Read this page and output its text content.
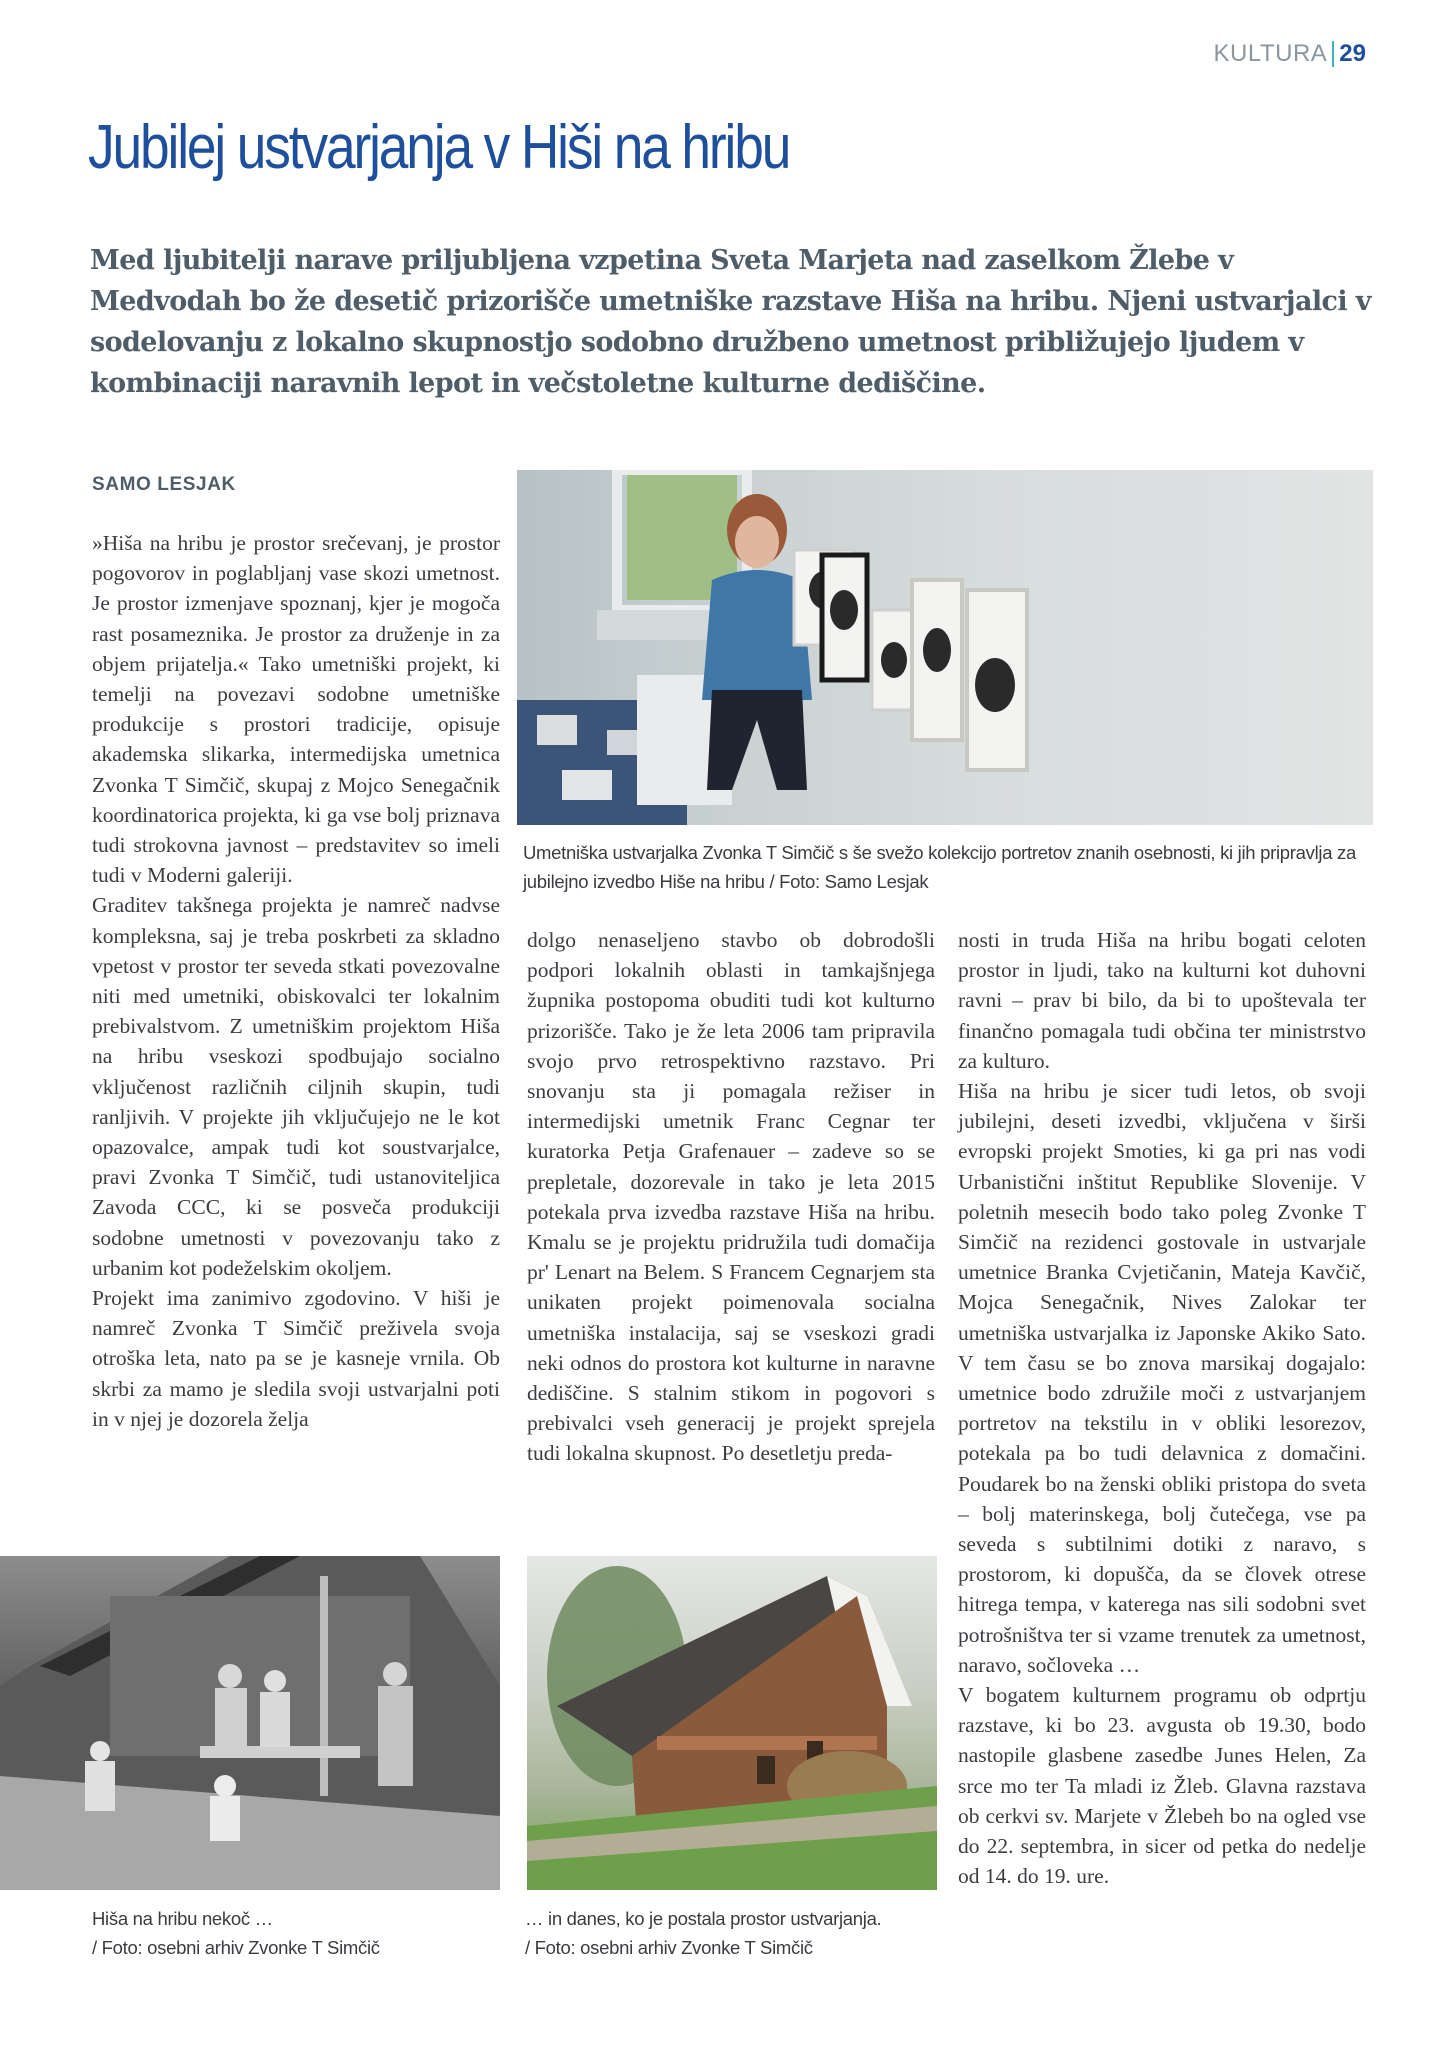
KULTURA 29
Jubilej ustvarjanja v Hiši na hribu

Med ljubitelji narave priljubljena vzpetina Sveta Marjeta nad zaselkom Žlebe v Medvodah bo že desetič prizorišče umetniške razstave Hiša na hribu. Njeni ustvarjalci v sodelovanju z lokalno skupnostjo sodobno družbeno umetnost približujejo ljudem v kombinaciji naravnih lepot in večstoletne kulturne dediščine.

SAMO LESJAK

»Hiša na hribu je prostor srečevanj, je prostor pogovorov in poglabljanj vase skozi umetnost. Je prostor izmenjave spoznanj, kjer je mogoča rast posameznika. Je prostor za druženje in za objem prijatelja.« Tako umetniški projekt, ki temelji na povezavi sodobne umetniške produkcije s prostori tradicije, opisuje akademska slikarka, intermedijska umetnica Zvonka T Simčič, skupaj z Mojco Senegačnik koordinatorica projekta, ki ga vse bolj priznava tudi strokovna javnost – predstavitev so imeli tudi v Moderni galeriji.

Graditev takšnega projekta je namreč nadvse kompleksna, saj je treba poskrbeti za skladno vpetost v prostor ter seveda stkati povezovalne niti med umetniki, obiskovalci ter lokalnim prebivalstvom. Z umetniškim projektom Hiša na hribu vseskozi spodbujajo socialno vključenost različnih ciljnih skupin, tudi ranljivih. V projekte jih vključujejo ne le kot opazovalce, ampak tudi kot soustvarjalce, pravi Zvonka T Simčič, tudi ustanoviteljica Zavoda CCC, ki se posveča produkciji sodobne umetnosti v povezovanju tako z urbanim kot podeželskim okoljem.

Projekt ima zanimivo zgodovino. V hiši je namreč Zvonka T Simčič preživela svoja otroška leta, nato pa se je kasneje vrnila. Ob skrbi za mamo je sledila svoji ustvarjalni poti in v njej je dozorela želja

Umetniška ustvarjalka Zvonka T Simčič s še svežo kolekcijo portretov znanih osebnosti, ki jih pripravlja za jubilejno izvedbo Hiše na hribu / Foto: Samo Lesjak

dolgo nenaseljeno stavbo ob dobrodošli podpori lokalnih oblasti in tamkajšnjega župnika postopoma obuditi tudi kot kulturno prizorišče. Tako je že leta 2006 tam pripravila svojo prvo retrospektivno razstavo. Pri snovanju sta ji pomagala režiser in intermedijski umetnik Franc Cegnar ter kuratorka Petja Grafenauer – zadeve so se prepletale, dozorevale in tako je leta 2015 potekala prva izvedba razstave Hiša na hribu. Kmalu se je projektu pridružila tudi domačija pr' Lenart na Belem. S Francem Cegnarjem sta unikaten projekt poimenovala socialna umetniška instalacija, saj se vseskozi gradi neki odnos do prostora kot kulturne in naravne dediščine. S stalnim stikom in pogovori s prebivalci vseh generacij je projekt sprejela tudi lokalna skupnost. Po desetletju preda-

nosti in truda Hiša na hribu bogati celoten prostor in ljudi, tako na kulturni kot duhovni ravni – prav bi bilo, da bi to upoštevala ter finančno pomagala tudi občina ter ministrstvo za kulturo.

Hiša na hribu je sicer tudi letos, ob svoji jubilejni, deseti izvedbi, vključena v širši evropski projekt Smoties, ki ga pri nas vodi Urbanistični inštitut Republike Slovenije. V poletnih mesecih bodo tako poleg Zvonke T Simčič na rezidenci gostovale in ustvarjale umetnice Branka Cvjetičanin, Mateja Kavčič, Mojca Senegačnik, Nives Zalokar ter umetniška ustvarjalka iz Japonske Akiko Sato. V tem času se bo znova marsikaj dogajalo: umetnice bodo združile moči z ustvarjanjem portretov na tekstilu in v obliki lesorezov, potekala pa bo tudi delavnica z domačini. Poudarek bo na ženski obliki pristopa do sveta – bolj materinskega, bolj čutečega, vse pa seveda s subtilnimi dotiki z naravo, s prostorom, ki dopušča, da se človek otrese hitrega tempa, v katerega nas sili sodobni svet potrošništva ter si vzame trenutek za umetnost, naravo, sočloveka …

V bogatem kulturnem programu ob odprtju razstave, ki bo 23. avgusta ob 19.30, bodo nastopile glasbene zasedbe Junes Helen, Za srce mo ter Ta mladi iz Žleb. Glavna razstava ob cerkvi sv. Marjete v Žlebeh bo na ogled vse do 22. septembra, in sicer od petka do nedelje od 14. do 19. ure.

Hiša na hribu nekoč …
/ Foto: osebni arhiv Zvonke T Simčič
… in danes, ko je postala prostor ustvarjanja.
/ Foto: osebni arhiv Zvonke T Simčič
